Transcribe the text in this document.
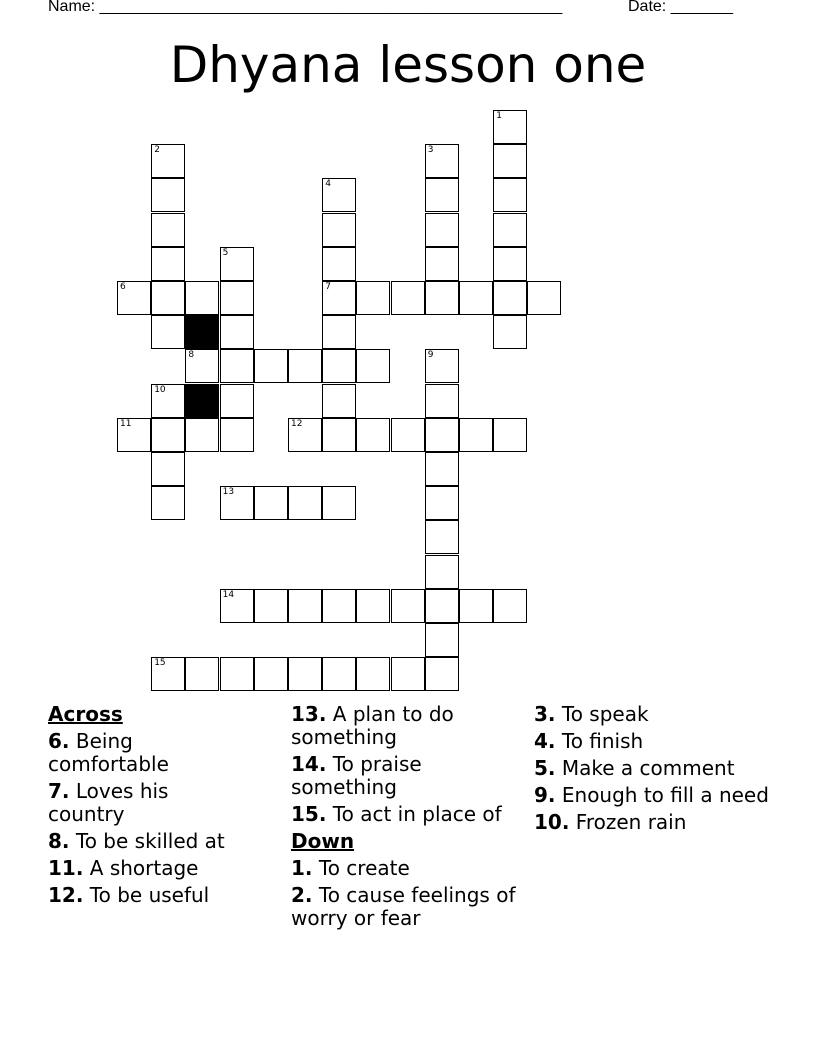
Name: ____________________________________________________	Date: _______
Dhyana lesson one
1
2	3
4
5
6	7
8	9
10
11	12
13
14
15
Across
6. Being comfortable
7. Loves his country
8. To be skilled at
11. A shortage
12. To be useful
13. A plan to do something
14. To praise something
15. To act in place of
Down
1. To create
2. To cause feelings of worry or fear
3. To speak
4. To finish
5. Make a comment
9. Enough to fill a need
10. Frozen rain
